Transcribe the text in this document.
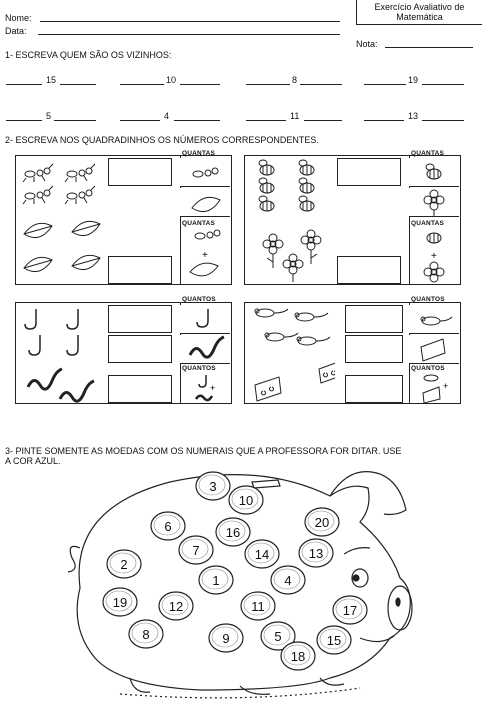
Nome:
Data:
Exercício Avaliativo de
Matemática
Nota:
1- ESCREVA QUEM SÃO OS VIZINHOS:
15	10	8	19
5	4	11	13
2- ESCREVA NOS QUADRADINHOS OS NÚMEROS CORRESPONDENTES.
QUANTAS
QUANTAS
+
QUANTAS
QUANTAS
+
QUANTOS
QUANTOS
+
QUANTOS
QUANTOS
+
3- PINTE SOMENTE AS MOEDAS COM OS NUMERAIS QUE A PROFESSORA FOR DITAR. USE
A COR AZUL.
3
10
6	16
20
7	14	13
2
1	4
19	12	11	17
8	9	5	15
18
